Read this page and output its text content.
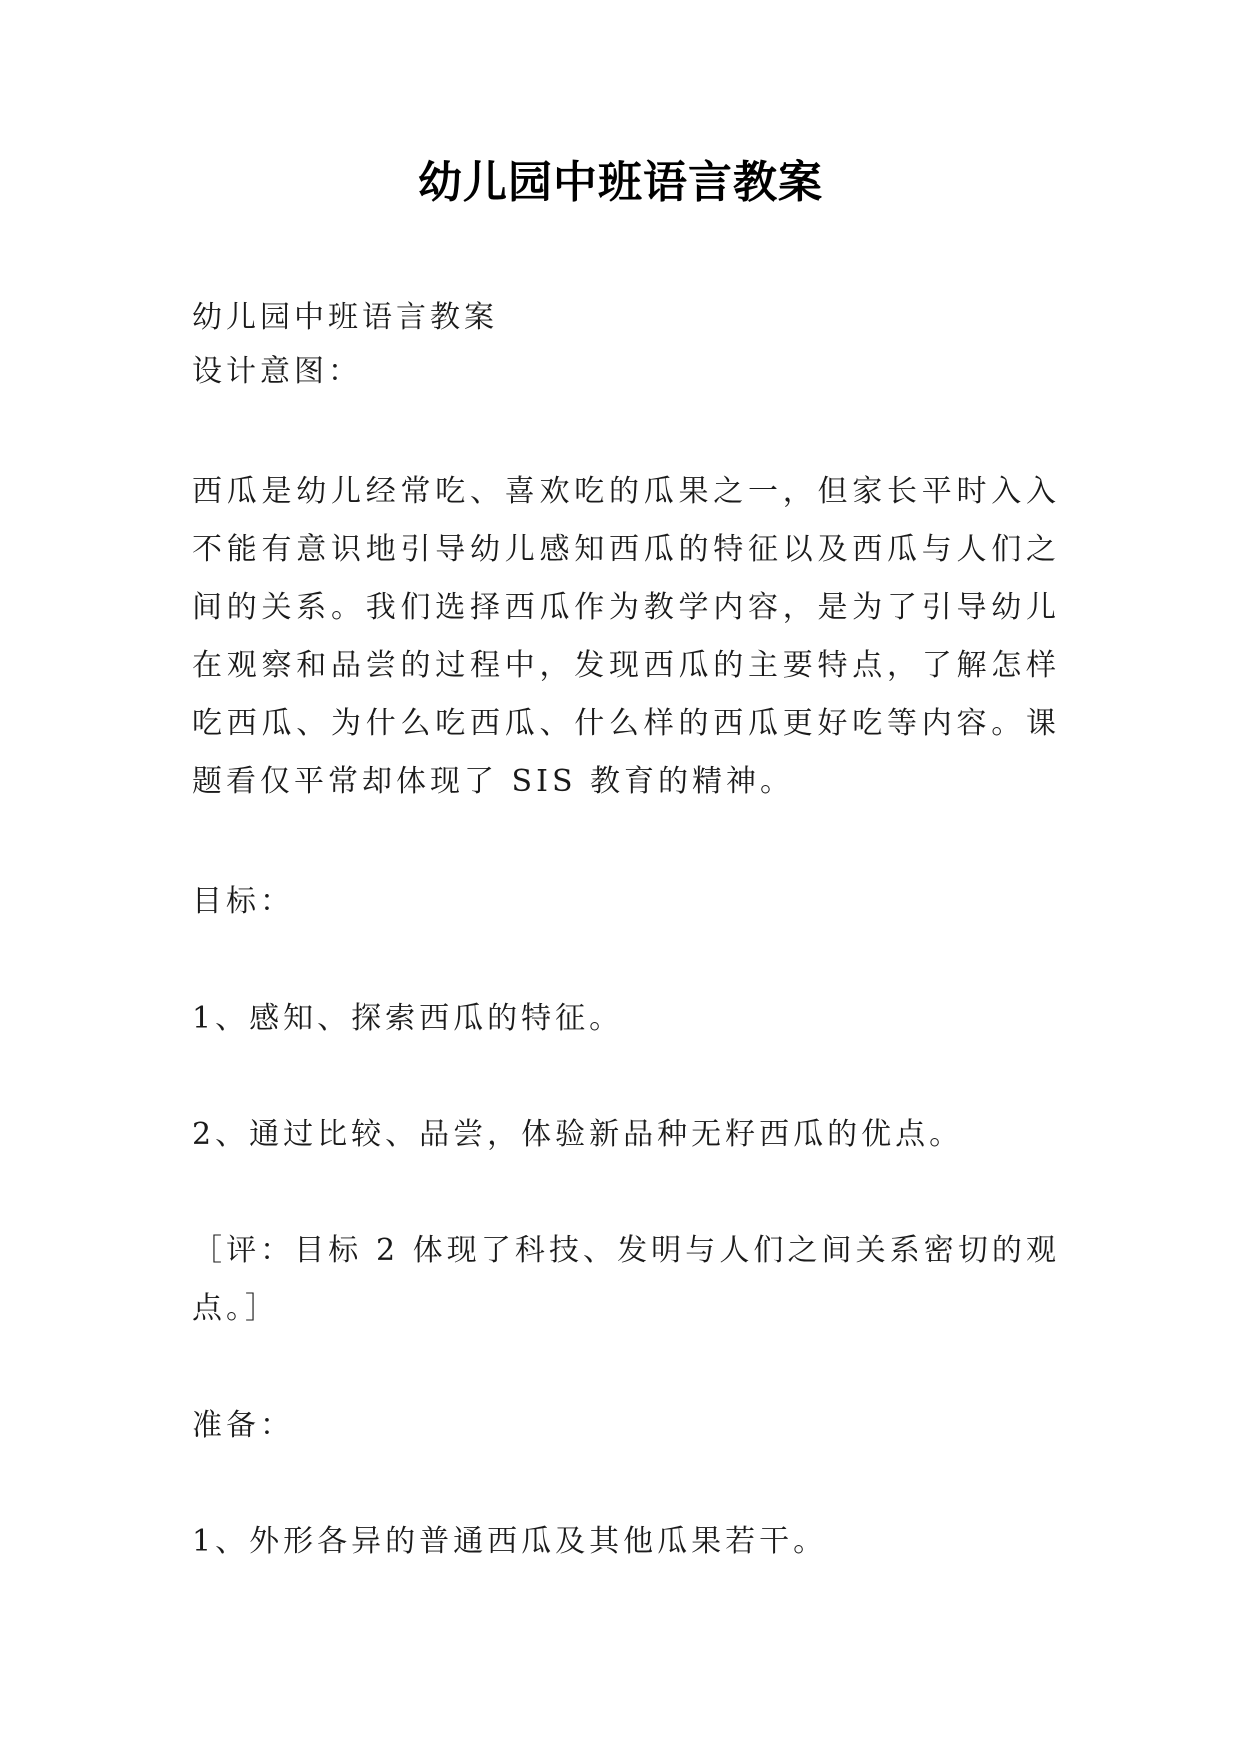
幼儿园中班语言教案

幼儿园中班语言教案

设计意图：

西瓜是幼儿经常吃、喜欢吃的瓜果之一，但家长平时入入不能有意识地引导幼儿感知西瓜的特征以及西瓜与人们之间的关系。我们选择西瓜作为教学内容，是为了引导幼儿在观察和品尝的过程中，发现西瓜的主要特点，了解怎样吃西瓜、为什么吃西瓜、什么样的西瓜更好吃等内容。课题看仅平常却体现了 SIS 教育的精神。

目标：

1、感知、探索西瓜的特征。

2、通过比较、品尝，体验新品种无籽西瓜的优点。

［评：目标 2 体现了科技、发明与人们之间关系密切的观点。］

准备：

1、外形各异的普通西瓜及其他瓜果若干。
